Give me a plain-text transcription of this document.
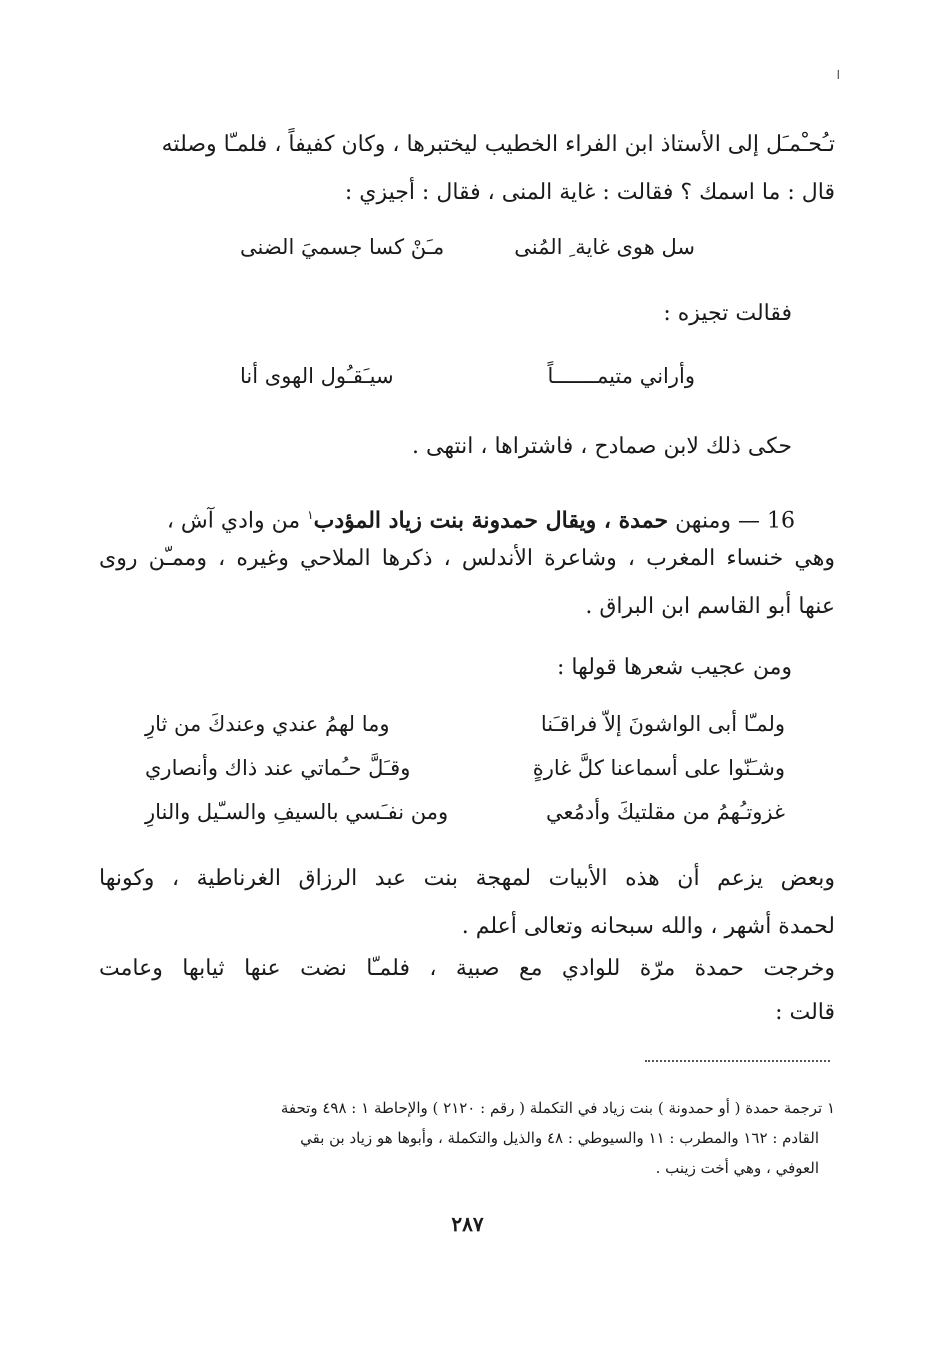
ا
تـُحـْمـَل إلى الأستاذ ابن الفراء الخطيب ليختبرها ، وكان كفيفاً ، فلمـّا وصلته
قال : ما اسمك ؟ فقالت : غاية المنى ، فقال : أجيزي :
سل هوى غاية ِ المُنى
مـَنْ كسا جسميَ الضنى
فقالت تجيزه :
وأراني متيمـــــــاً
سيـَقـُول الهوى أنا
حكى ذلك لابن صمادح ، فاشتراها ، انتهى .
16 — ومنهن حمدة ، ويقال حمدونة بنت زياد المؤدب$^١$ من وادي آش ،
وهي خنساء المغرب ، وشاعرة الأندلس ، ذكرها الملاحي وغيره ، وممـّن روى
عنها أبو القاسم ابن البراق .
ومن عجيب شعرها قولها :
ولمـّا أبى الواشونَ إلاّ فراقـَنا
وما لهمُ عندي وعندكَ من ثارِ
وشـَنّوا على أسماعنا كلَّ غارةٍ
وقـَلَّ حـُماتي عند ذاك وأنصاري
غزوتـُهمُ من مقلتيكَ وأدمُعي
ومن نفـَسي بالسيفِ والسـّيل والنارِ
وبعض يزعم أن هذه الأبيات لمهجة بنت عبد الرزاق الغرناطية ، وكونها
لحمدة أشهر ، والله سبحانه وتعالى أعلم .
وخرجت حمدة مرّة للوادي مع صبية ، فلمـّا نضت عنها ثيابها وعامت
قالت :
١ ترجمة حمدة ( أو حمدونة ) بنت زياد في التكملة ( رقم : ٢١٢٠ ) والإحاطة ١ : ٤٩٨ وتحفة
القادم : ١٦٢ والمطرب : ١١ والسيوطي : ٤٨ والذيل والتكملة ، وأبوها هو زياد بن بقي
العوفي ، وهي أخت زينب .
٢٨٧
